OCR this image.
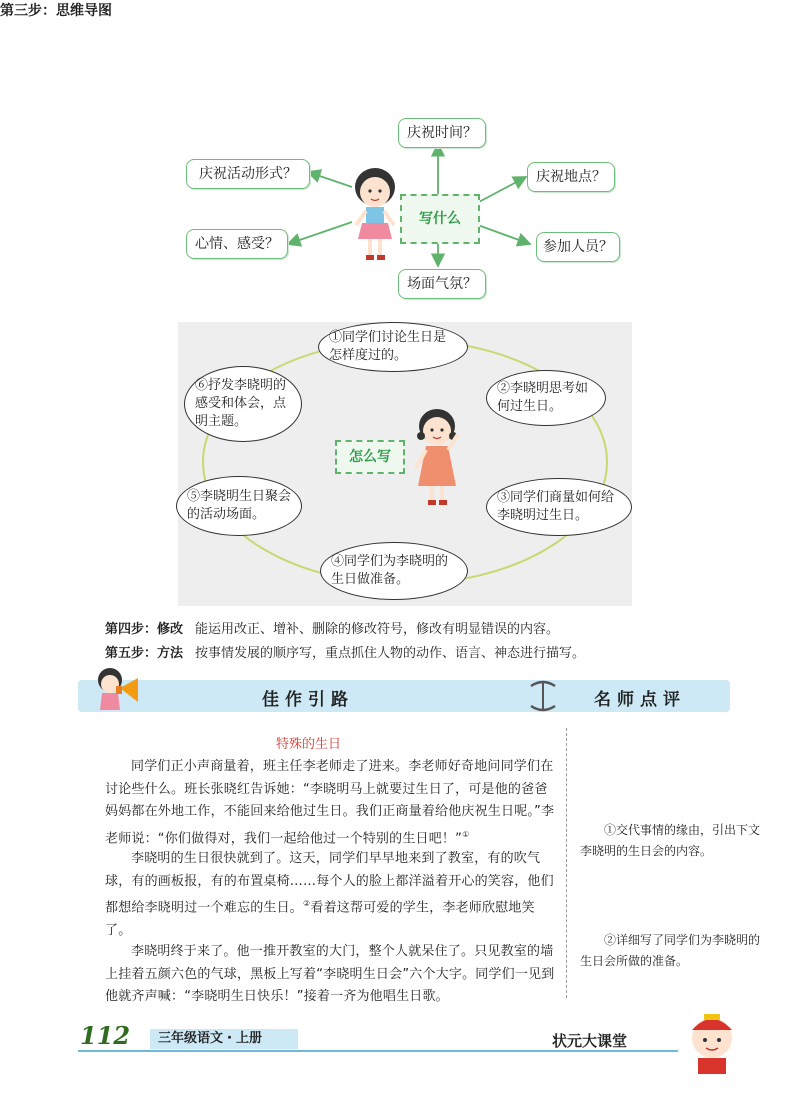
第三步：思维导图
庆祝时间？
庆祝活动形式？	庆祝地点？
心情、感受？	参加人员？
场面气氛？
写什么
①同学们讨论生日是怎样度过的。
②李晓明思考如何过生日。
③同学们商量如何给李晓明过生日。
④同学们为李晓明的生日做准备。
⑤李晓明生日聚会的活动场面。
⑥抒发李晓明的感受和体会，点明主题。
怎么写
第四步：修改 能运用改正、增补、删除的修改符号，修改有明显错误的内容。
第五步：方法 按事情发展的顺序写，重点抓住人物的动作、语言、神态进行描写。
佳作引路	名师点评
特殊的生日
同学们正小声商量着，班主任李老师走了进来。李老师好奇地问同学们在讨论些什么。班长张晓红告诉她：“李晓明马上就要过生日了，可是他的爸爸妈妈都在外地工作，不能回来给他过生日。我们正商量着给他庆祝生日呢。”李老师说：“你们做得对，我们一起给他过一个特别的生日吧！”①
李晓明的生日很快就到了。这天，同学们早早地来到了教室，有的吹气球，有的画板报，有的布置桌椅……每个人的脸上都洋溢着开心的笑容，他们都想给李晓明过一个难忘的生日。②看着这帮可爱的学生，李老师欣慰地笑了。
李晓明终于来了。他一推开教室的大门，整个人就呆住了。只见教室的墙上挂着五颜六色的气球，黑板上写着“李晓明生日会”六个大字。同学们一见到他就齐声喊：“李晓明生日快乐！”接着一齐为他唱生日歌。
①交代事情的缘由，引出下文李晓明的生日会的内容。
②详细写了同学们为李晓明的生日会所做的准备。
112	三年级语文・上册	状元大课堂
